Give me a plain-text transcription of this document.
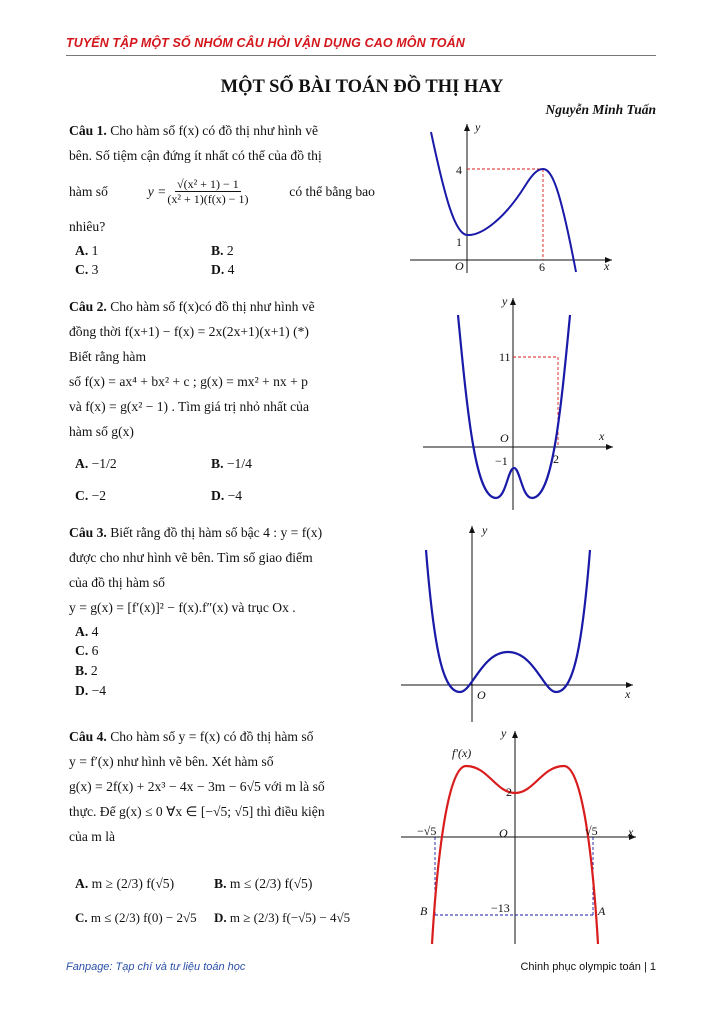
TUYỂN TẬP MỘT SỐ NHÓM CÂU HỎI VẬN DỤNG CAO MÔN TOÁN
MỘT SỐ BÀI TOÁN ĐỒ THỊ HAY
Nguyễn Minh Tuấn
Câu 1. Cho hàm số f(x) có đồ thị như hình vẽ
bên. Số tiệm cận đứng ít nhất có thể của đồ thị
hàm số	$y = \frac{\text{√(x² + 1) − 1}}{\text{(x² + 1)(f(x) − 1)}}$	có thể bằng bao
nhiêu?
A. 1	B. 2
C. 3	D. 4
y
x
O
4
1
6
Câu 2. Cho hàm số f(x)có đồ thị như hình vẽ
đồng thời f(x+1) − f(x) = 2x(2x+1)(x+1) (*)
Biết rằng hàm
số f(x) = ax⁴ + bx² + c ; g(x) = mx² + nx + p
và f(x) = g(x² − 1) . Tìm giá trị nhỏ nhất của
hàm số g(x)
A. −1/2	B. −1/4
C. −2	D. −4
y
x
O
11
−1	2
Câu 3. Biết rằng đồ thị hàm số bậc 4 : y = f(x)
được cho như hình vẽ bên. Tìm số giao điểm
của đồ thị hàm số
y = g(x) = [f′(x)]² − f(x).f″(x) và trục Ox .
A. 4
C. 6
B. 2
D. −4
y
x
O
Câu 4. Cho hàm số y = f(x) có đồ thị hàm số
y = f′(x) như hình vẽ bên. Xét hàm số
g(x) = 2f(x) + 2x³ − 4x − 3m − 6√5 với m là số
thực. Để g(x) ≤ 0 ∀x ∈ [−√5; √5] thì điều kiện
của m là
A. m ≥ (2/3) f(√5)	B. m ≤ (2/3) f(√5)
C. m ≤ (2/3) f(0) − 2√5 D. m ≥ (2/3) f(−√5) − 4√5
y
x
O
f′(x)
2
−13
−√5	√5
B	A
Fanpage: Tạp chí và tư liệu toán học	Chinh phục olympic toán | 1
